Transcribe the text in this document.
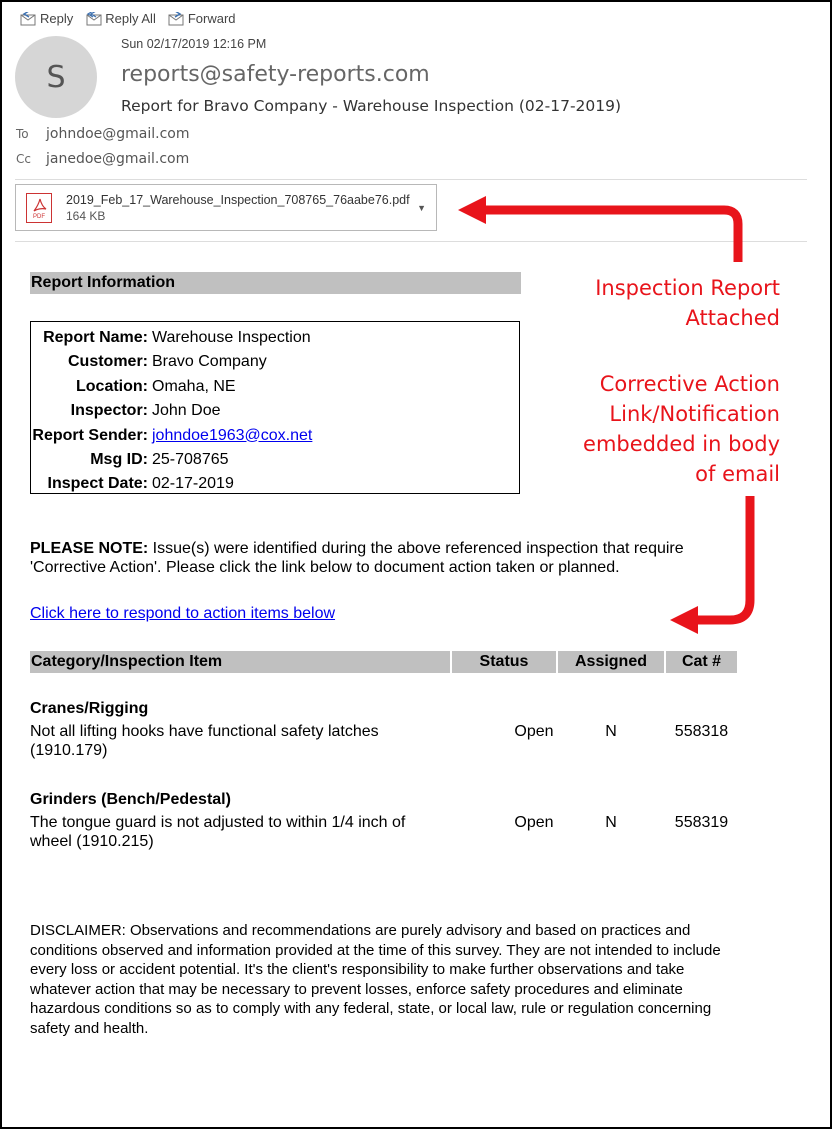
Reply Reply All Forward
S
Sun 02/17/2019 12:16 PM
reports@safety-reports.com
Report for Bravo Company - Warehouse Inspection (02-17-2019)
To johndoe@gmail.com
Cc janedoe@gmail.com
PDF
2019_Feb_17_Warehouse_Inspection_708765_76aabe76.pdf
164 KB
▼
Inspection Report
Attached
Corrective Action
Link/Notification
embedded in body
of email
Report Information
Report Name: Warehouse Inspection
Customer: Bravo Company
Location: Omaha, NE
Inspector: John Doe
Report Sender: johndoe1963@cox.net
Msg ID: 25-708765
Inspect Date: 02-17-2019
PLEASE NOTE: Issue(s) were identified during the above referenced inspection that require 'Corrective Action'. Please click the link below to document action taken or planned.
Click here to respond to action items below
Category/Inspection Item	Status	Assigned	Cat #
Cranes/Rigging
Not all lifting hooks have functional safety latches (1910.179)
Open	N	558318
Grinders (Bench/Pedestal)
The tongue guard is not adjusted to within 1/4 inch of wheel (1910.215)
Open	N	558319
DISCLAIMER: Observations and recommendations are purely advisory and based on practices and conditions observed and information provided at the time of this survey. They are not intended to include every loss or accident potential. It's the client's responsibility to make further observations and take whatever action that may be necessary to prevent losses, enforce safety procedures and eliminate hazardous conditions so as to comply with any federal, state, or local law, rule or regulation concerning safety and health.
